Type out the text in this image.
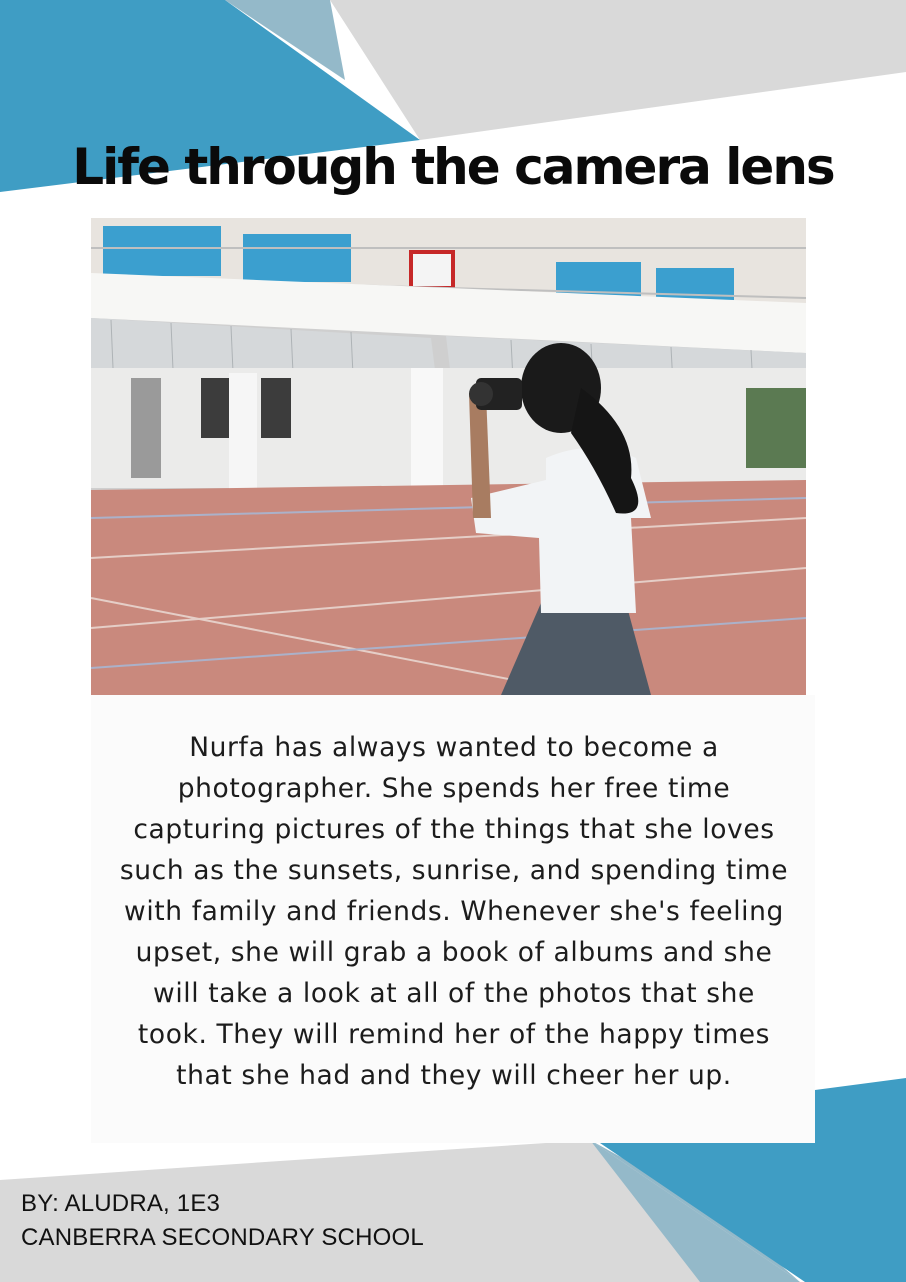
Life through the camera lens
Nurfa has always wanted to become a
photographer. She spends her free time
capturing pictures of the things that she loves
such as the sunsets, sunrise, and spending time
with family and friends. Whenever she's feeling
upset, she will grab a book of albums and she
will take a look at all of the photos that she
took. They will remind her of the happy times
that she had and they will cheer her up.
BY: ALUDRA, 1E3
CANBERRA SECONDARY SCHOOL
